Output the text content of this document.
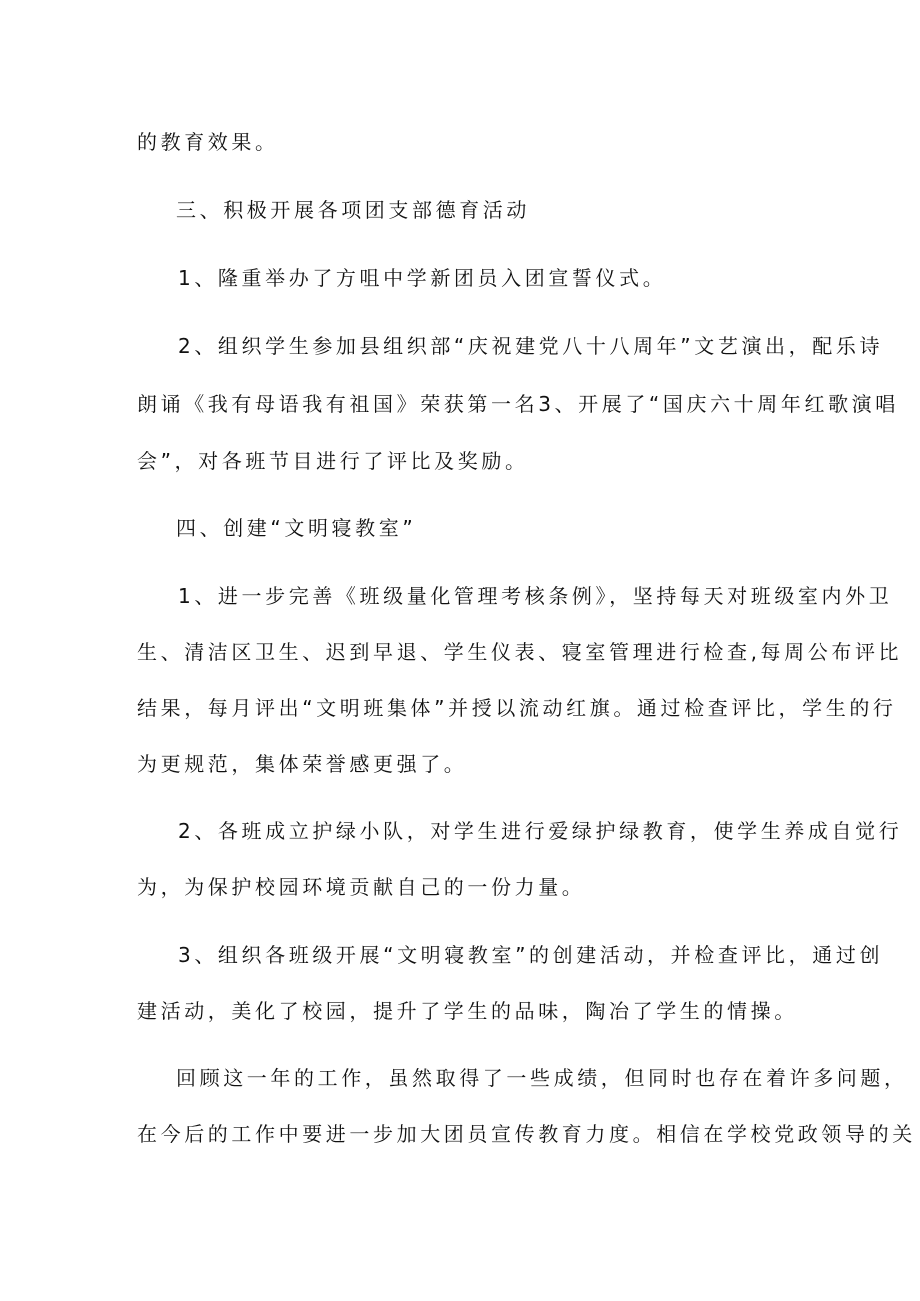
的教育效果。
三、积极开展各项团支部德育活动
1、隆重举办了方咀中学新团员入团宣誓仪式。
2、组织学生参加县组织部“庆祝建党八十八周年”文艺演出，配乐诗
朗诵《我有母语我有祖国》荣获第一名3、开展了“国庆六十周年红歌演唱
会”，对各班节目进行了评比及奖励。
四、创建“文明寝教室”
1、进一步完善《班级量化管理考核条例》，坚持每天对班级室内外卫
生、清洁区卫生、迟到早退、学生仪表、寝室管理进行检查,每周公布评比
结果，每月评出“文明班集体”并授以流动红旗。通过检查评比，学生的行
为更规范，集体荣誉感更强了。
2、各班成立护绿小队，对学生进行爱绿护绿教育，使学生养成自觉行
为，为保护校园环境贡献自己的一份力量。
3、组织各班级开展“文明寝教室”的创建活动，并检查评比，通过创
建活动，美化了校园，提升了学生的品味，陶冶了学生的情操。
回顾这一年的工作，虽然取得了一些成绩，但同时也存在着许多问题，
在今后的工作中要进一步加大团员宣传教育力度。相信在学校党政领导的关
